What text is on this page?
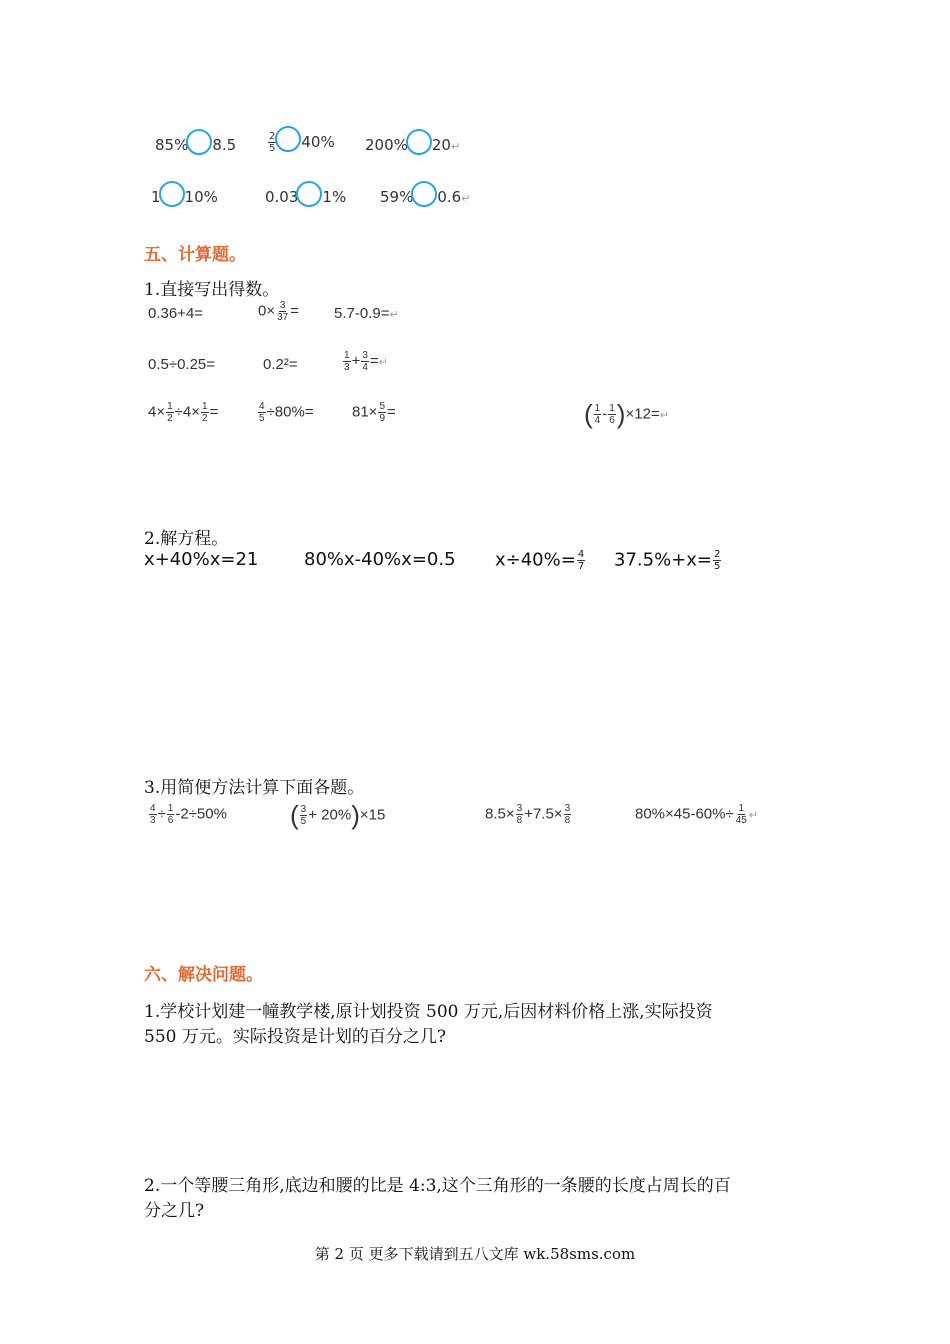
85% 8.5	$\frac{2}{5} 40\%$ 200% 20↵
1 10%	0.03 1% 59% 0.6↵
五、计算题。
1.直接写出得数。
0.36+4=	$0\times \frac{3}{37}$ = 5.7-0.9=↵
0.5÷0.25=	0.2²=	$\frac{1}{3} + \frac{3}{4}$ =↵
$4\times \frac{1}{2} \div 4\times \frac{1}{2}$ =	$\frac{4}{5} \div 80\%=$	$81\times \frac{5}{9}$ =	( $\frac{1}{4} - \frac{1}{6}$ )×12=↵
2.解方程。
x+40%x=21	80%x-40%x=0.5 $x\div 40\%= \frac{4}{7} 37.5\%+x= \frac{2}{5}$
3.用简便方法计算下面各题。
$\frac{4}{3} \div \frac{1}{6} -2\div 50\%$ ( $\frac{3}{5} + 20\%)\times 15$	$8.5\times \frac{3}{8} +7.5\times \frac{3}{8}$	$80\%\times 45-60\%\div \frac{1}{45}$ ↵
六、解决问题。
1.学校计划建一幢教学楼,原计划投资 500 万元,后因材料价格上涨,实际投资
550 万元。实际投资是计划的百分之几?
2.一个等腰三角形,底边和腰的比是 4:3,这个三角形的一条腰的长度占周长的百
分之几?
第 2 页 更多下载请到五八文库 wk.58sms.com
